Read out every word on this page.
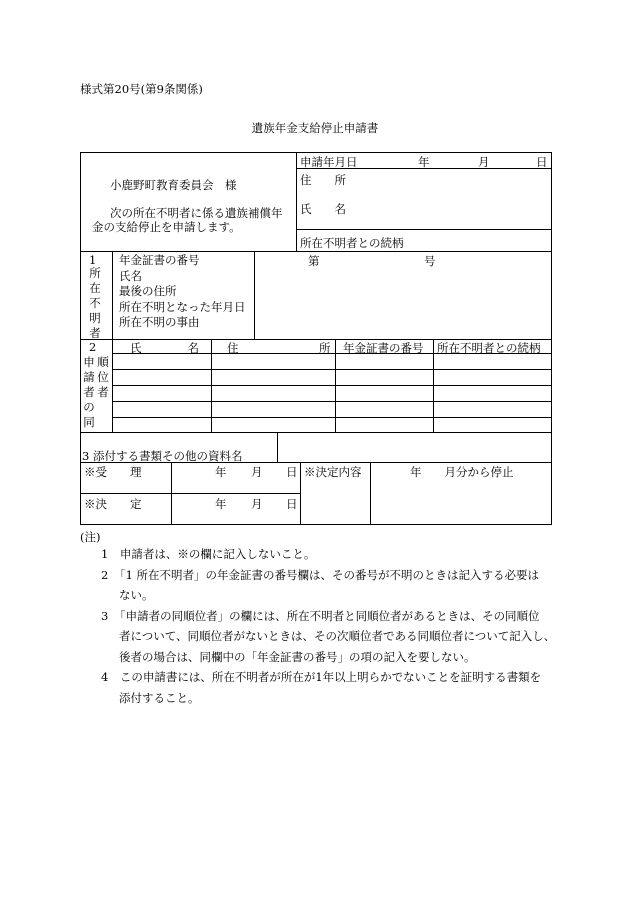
様式第20号(第9条関係)
遺族年金支給停止申請書
小鹿野町教育委員会　様
次の所在不明者に係る遺族補償年
金の支給停止を申請します。
申請年月日	年	月	日
住　　所
氏　　名
所在不明者との続柄
1
所
在
不
明
者
年金証書の番号
氏名
最後の住所
所在不明となった年月日
所在不明の事由
第	号
2
申
請
者
の
同
順
位
者
氏　　　　名 住　　　　　　　所 年金証書の番号 所在不明者との続柄
3 添付する書類その他の資料名
※受　　理	年 月 日
※決　　定	年 月 日
※決定内容	年　　月分から停止
(注)
1　申請者は、※の欄に記入しないこと。
2　「1 所在不明者」の年金証書の番号欄は、その番号が不明のときは記入する必要は
ない。
3　「申請者の同順位者」の欄には、所在不明者と同順位者があるときは、その同順位
者について、同順位者がないときは、その次順位者である同順位者について記入し、
後者の場合は、同欄中の「年金証書の番号」の項の記入を要しない。
4　この申請書には、所在不明者が所在が1年以上明らかでないことを証明する書類を
添付すること。
